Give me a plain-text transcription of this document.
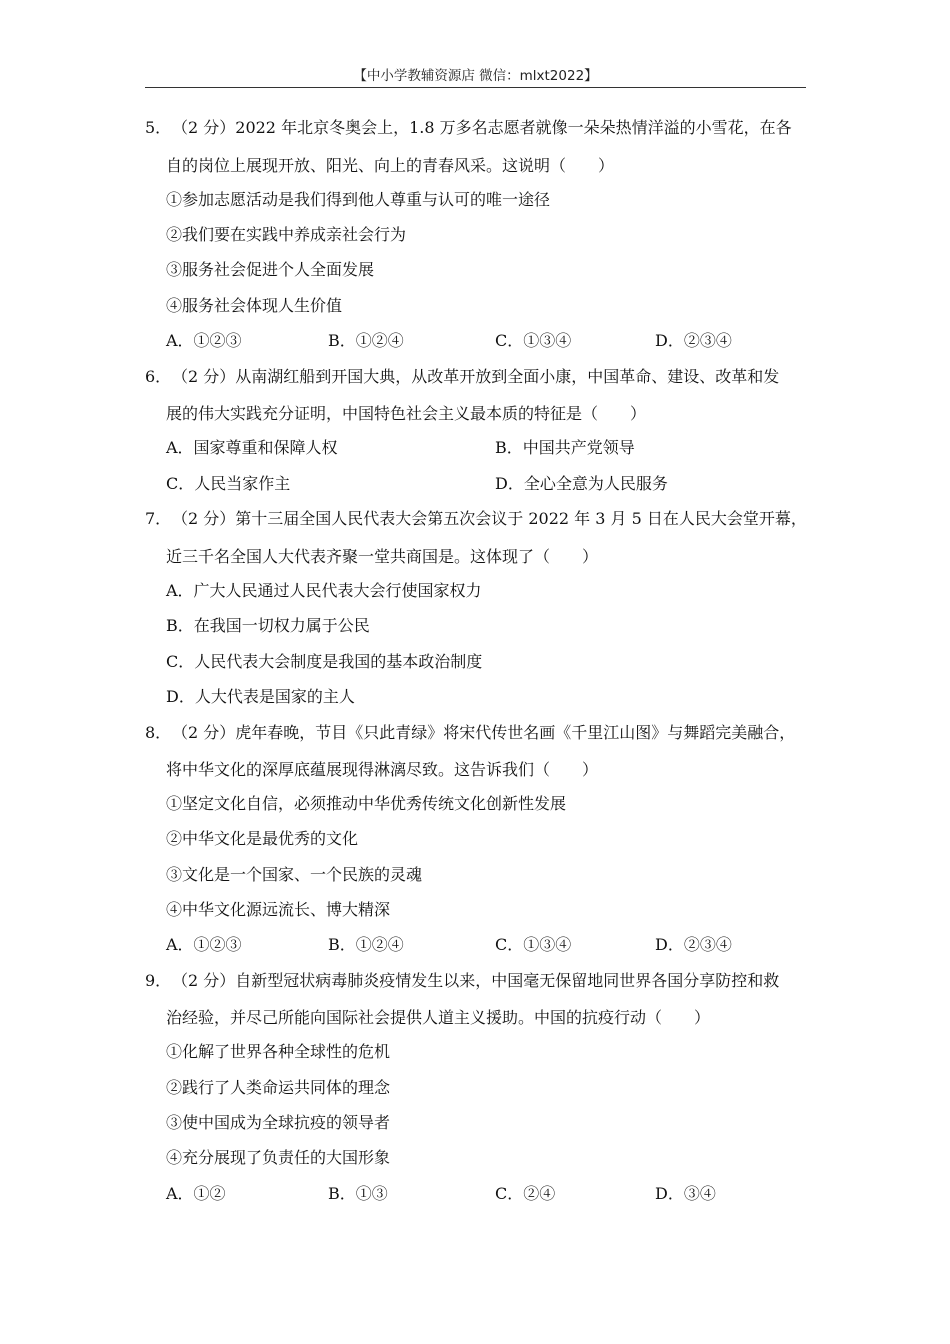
【中小学教辅资源店 微信：mlxt2022】
5． （2 分）2022 年北京冬奥会上，1.8 万多名志愿者就像一朵朵热情洋溢的小雪花，在各
自的岗位上展现开放、阳光、向上的青春风采。这说明（　　）
①参加志愿活动是我们得到他人尊重与认可的唯一途径
②我们要在实践中养成亲社会行为
③服务社会促进个人全面发展
④服务社会体现人生价值
A．①②③	B．①②④	C．①③④	D．②③④
6． （2 分）从南湖红船到开国大典，从改革开放到全面小康，中国革命、建设、改革和发
展的伟大实践充分证明，中国特色社会主义最本质的特征是（　　）
A．国家尊重和保障人权	B．中国共产党领导
C．人民当家作主	D．全心全意为人民服务
7． （2 分）第十三届全国人民代表大会第五次会议于 2022 年 3 月 5 日在人民大会堂开幕，
近三千名全国人大代表齐聚一堂共商国是。这体现了（　　）
A．广大人民通过人民代表大会行使国家权力
B．在我国一切权力属于公民
C．人民代表大会制度是我国的基本政治制度
D．人大代表是国家的主人
8． （2 分）虎年春晚，节目《只此青绿》将宋代传世名画《千里江山图》与舞蹈完美融合，
将中华文化的深厚底蕴展现得淋漓尽致。这告诉我们（　　）
①坚定文化自信，必须推动中华优秀传统文化创新性发展
②中华文化是最优秀的文化
③文化是一个国家、一个民族的灵魂
④中华文化源远流长、博大精深
A．①②③	B．①②④	C．①③④	D．②③④
9． （2 分）自新型冠状病毒肺炎疫情发生以来，中国毫无保留地同世界各国分享防控和救
治经验，并尽己所能向国际社会提供人道主义援助。中国的抗疫行动（　　）
①化解了世界各种全球性的危机
②践行了人类命运共同体的理念
③使中国成为全球抗疫的领导者
④充分展现了负责任的大国形象
A．①②	B．①③	C．②④	D．③④
